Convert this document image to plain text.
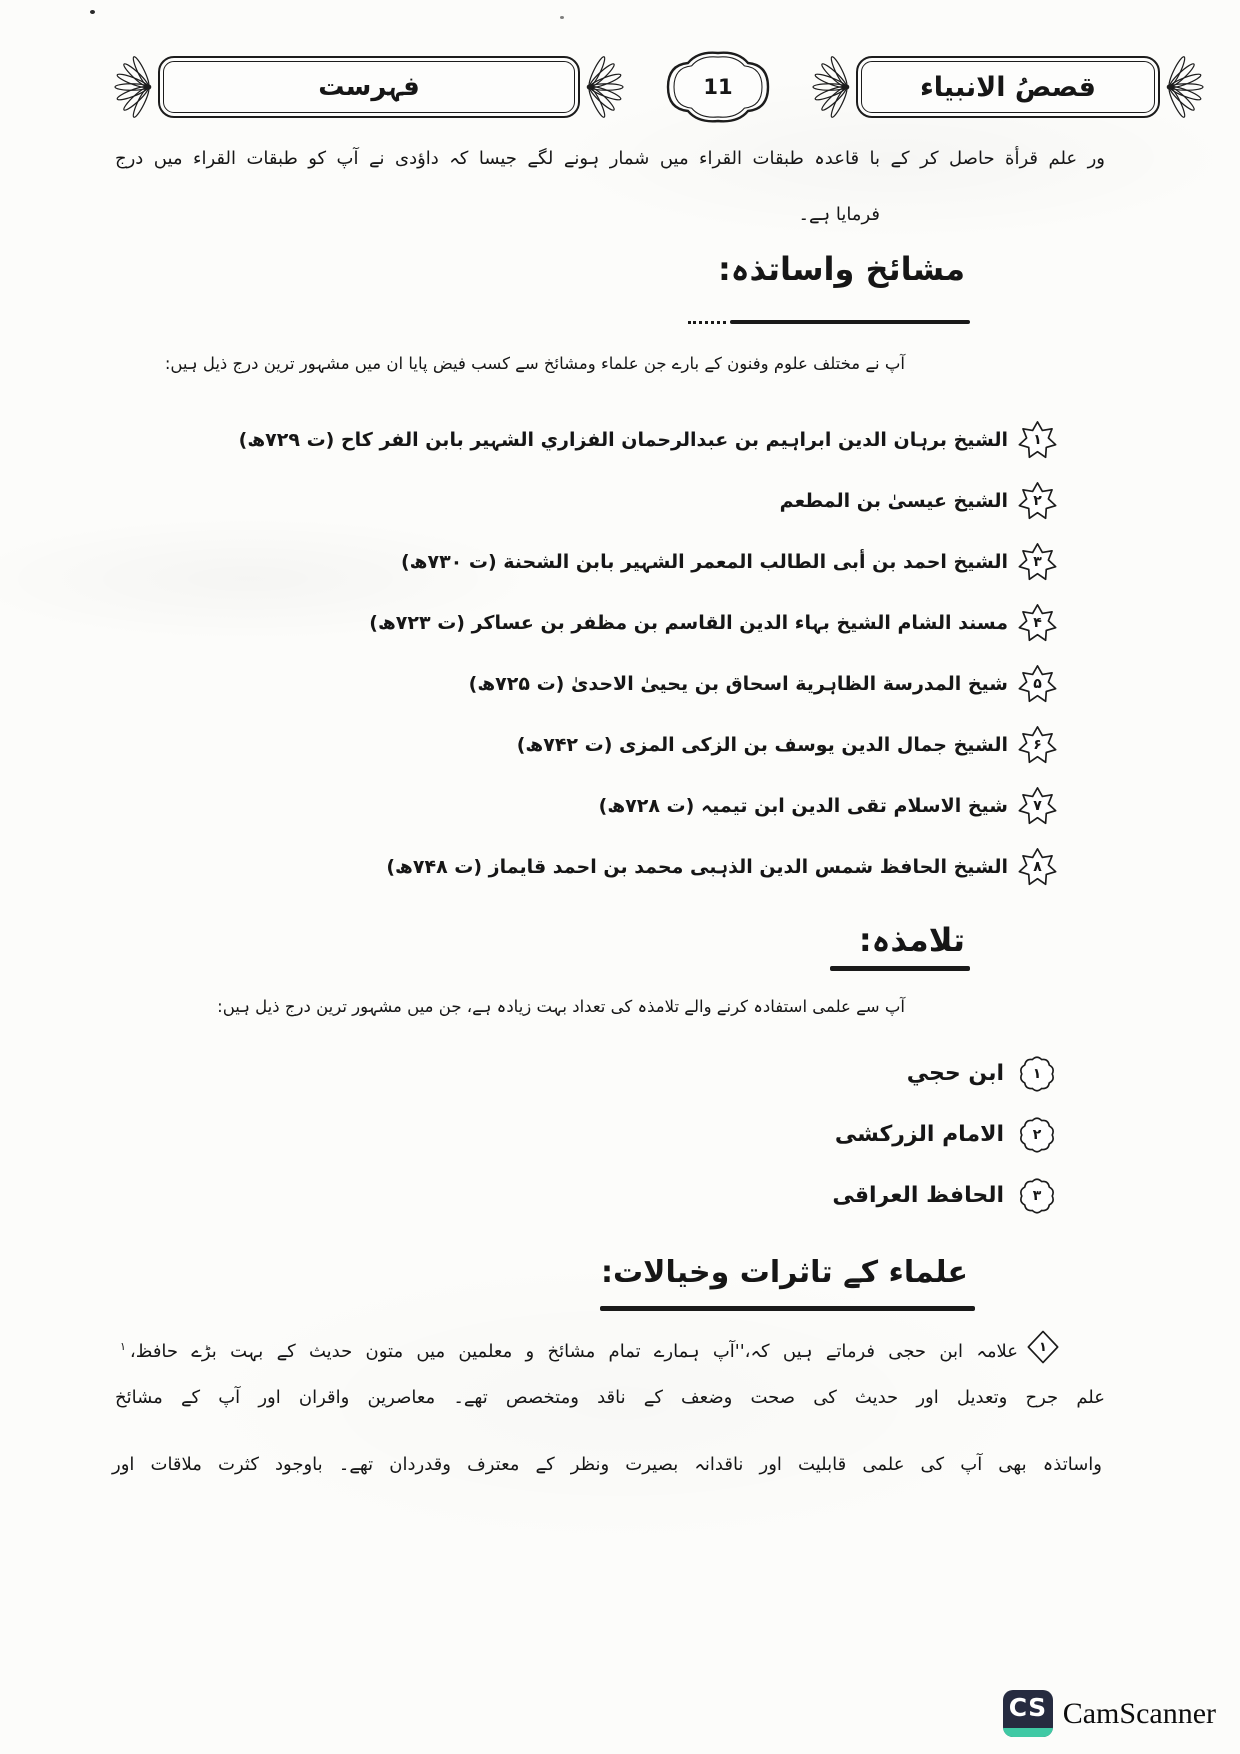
فہرست	11	قصصُ الانبیاء
ور علم قرأة حاصل کر کے با قاعدہ طبقات القراء میں شمار ہونے لگے جیسا کہ داؤدی نے آپ کو طبقات القراء میں درج
فرمایا ہے۔
مشائخ واساتذہ:
آپ نے مختلف علوم وفنون کے بارے جن علماء ومشائخ سے کسب فیض پایا ان میں مشہور ترین درج ذیل ہیں:
الشیخ برہان الدین ابراہیم بن عبدالرحمان الفزاري الشہیر بابن الفر کاح (ت ۷۲۹ھ)	۱
الشیخ عیسیٰ بن المطعم	۲
الشیخ احمد بن أبی الطالب المعمر الشہیر بابن الشحنة (ت ۷۳۰ھ)	۳
مسند الشام الشیخ بہاء الدین القاسم بن مظفر بن عساکر (ت ۷۲۳ھ)	۴
شیخ المدرسة الظاہریة اسحاق بن یحییٰ الاحدیٰ (ت ۷۲۵ھ)	۵
الشیخ جمال الدین یوسف بن الزکی المزی (ت ۷۴۲ھ)	۶
شیخ الاسلام تقی الدین ابن تیمیہ (ت ۷۲۸ھ)	۷
الشیخ الحافظ شمس الدین الذہبی محمد بن احمد قایماز (ت ۷۴۸ھ)	۸
تلامذہ:
آپ سے علمی استفادہ کرنے والے تلامذہ کی تعداد بہت زیادہ ہے، جن میں مشہور ترین درج ذیل ہیں:
ابن حجي	۱
الامام الزرکشی	۲
الحافظ العراقی	۳
علماء کے تاثرات وخیالات:
۱
علامہ ابن حجی فرماتے ہیں کہ،''آپ ہمارے تمام مشائخ و معلمین میں متون حدیث کے بہت بڑے حافظ،$^۱$
علم جرح وتعدیل اور حدیث کی صحت وضعف کے ناقد ومتخصص تھے۔ معاصرین واقران اور آپ کے مشائخ
واساتذہ بھی آپ کی علمی قابلیت اور ناقدانہ بصیرت ونظر کے معترف وقدردان تھے۔ باوجود کثرت ملاقات اور
CS CamScanner
